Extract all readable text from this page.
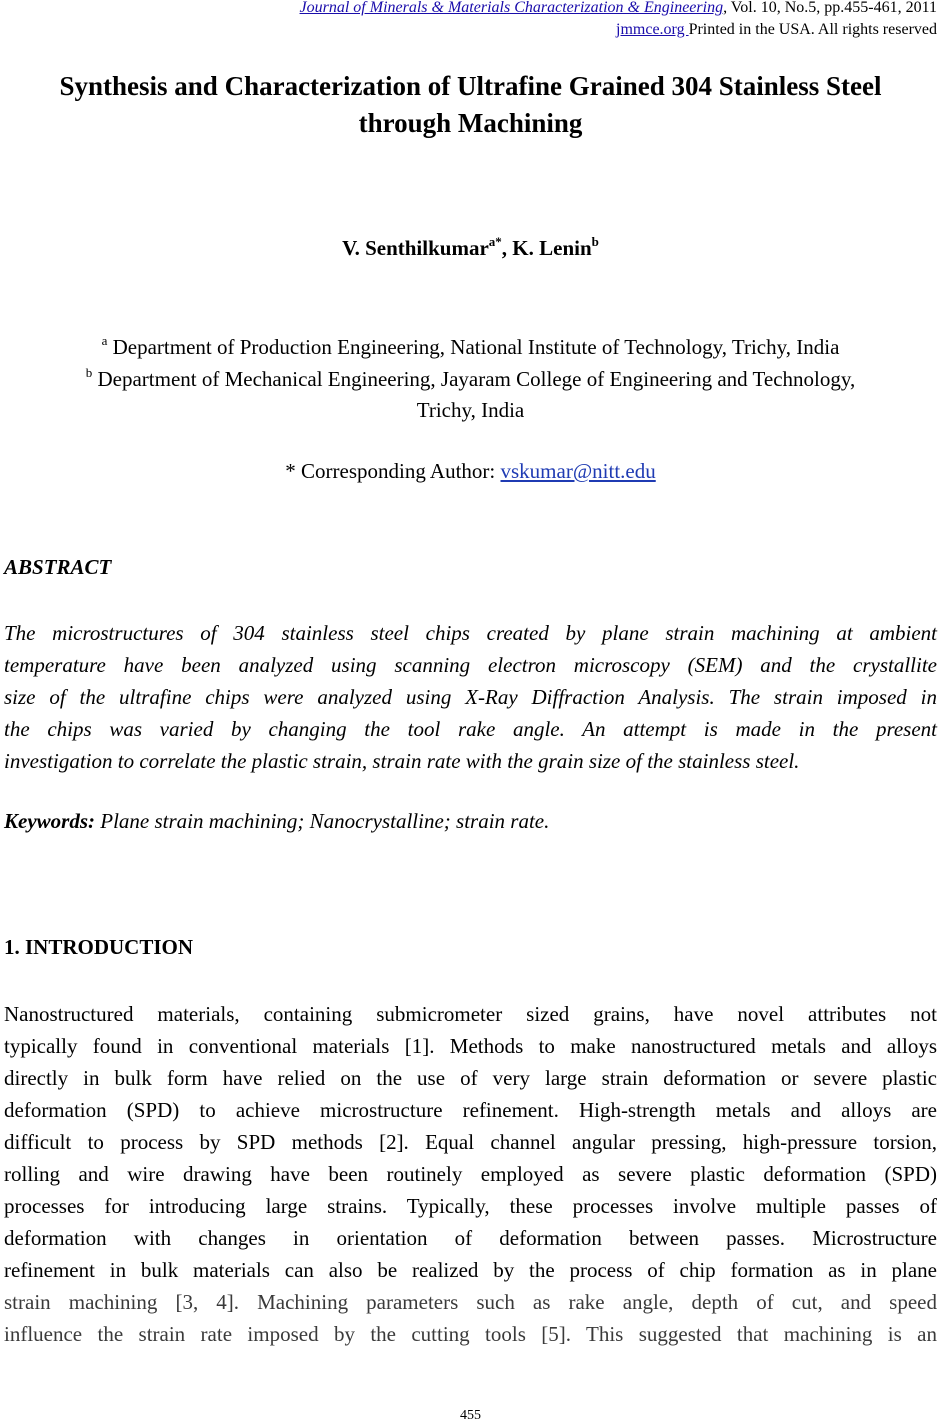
Journal of Minerals & Materials Characterization & Engineering, Vol. 10, No.5, pp.455-461, 2011
jmmce.org Printed in the USA. All rights reserved
Synthesis and Characterization of Ultrafine Grained 304 Stainless Steel
through Machining
V. Senthilkumar$^{a*}$, K. Lenin$^b$
$^a$ Department of Production Engineering, National Institute of Technology, Trichy, India
$^b$ Department of Mechanical Engineering, Jayaram College of Engineering and Technology,
Trichy, India
* Corresponding Author: vskumar@nitt.edu
ABSTRACT
The microstructures of 304 stainless steel chips created by plane strain machining at ambient
temperature have been analyzed using scanning electron microscopy (SEM) and the crystallite
size of the ultrafine chips were analyzed using X-Ray Diffraction Analysis. The strain imposed in
the chips was varied by changing the tool rake angle. An attempt is made in the present
investigation to correlate the plastic strain, strain rate with the grain size of the stainless steel.
Keywords: Plane strain machining; Nanocrystalline; strain rate.
1. INTRODUCTION
Nanostructured materials, containing submicrometer sized grains, have novel attributes not
typically found in conventional materials [1]. Methods to make nanostructured metals and alloys
directly in bulk form have relied on the use of very large strain deformation or severe plastic
deformation (SPD) to achieve microstructure refinement. High-strength metals and alloys are
difficult to process by SPD methods [2]. Equal channel angular pressing, high-pressure torsion,
rolling and wire drawing have been routinely employed as severe plastic deformation (SPD)
processes for introducing large strains. Typically, these processes involve multiple passes of
deformation with changes in orientation of deformation between passes. Microstructure
refinement in bulk materials can also be realized by the process of chip formation as in plane
strain machining [3, 4]. Machining parameters such as rake angle, depth of cut, and speed
influence the strain rate imposed by the cutting tools [5]. This suggested that machining is an
455
